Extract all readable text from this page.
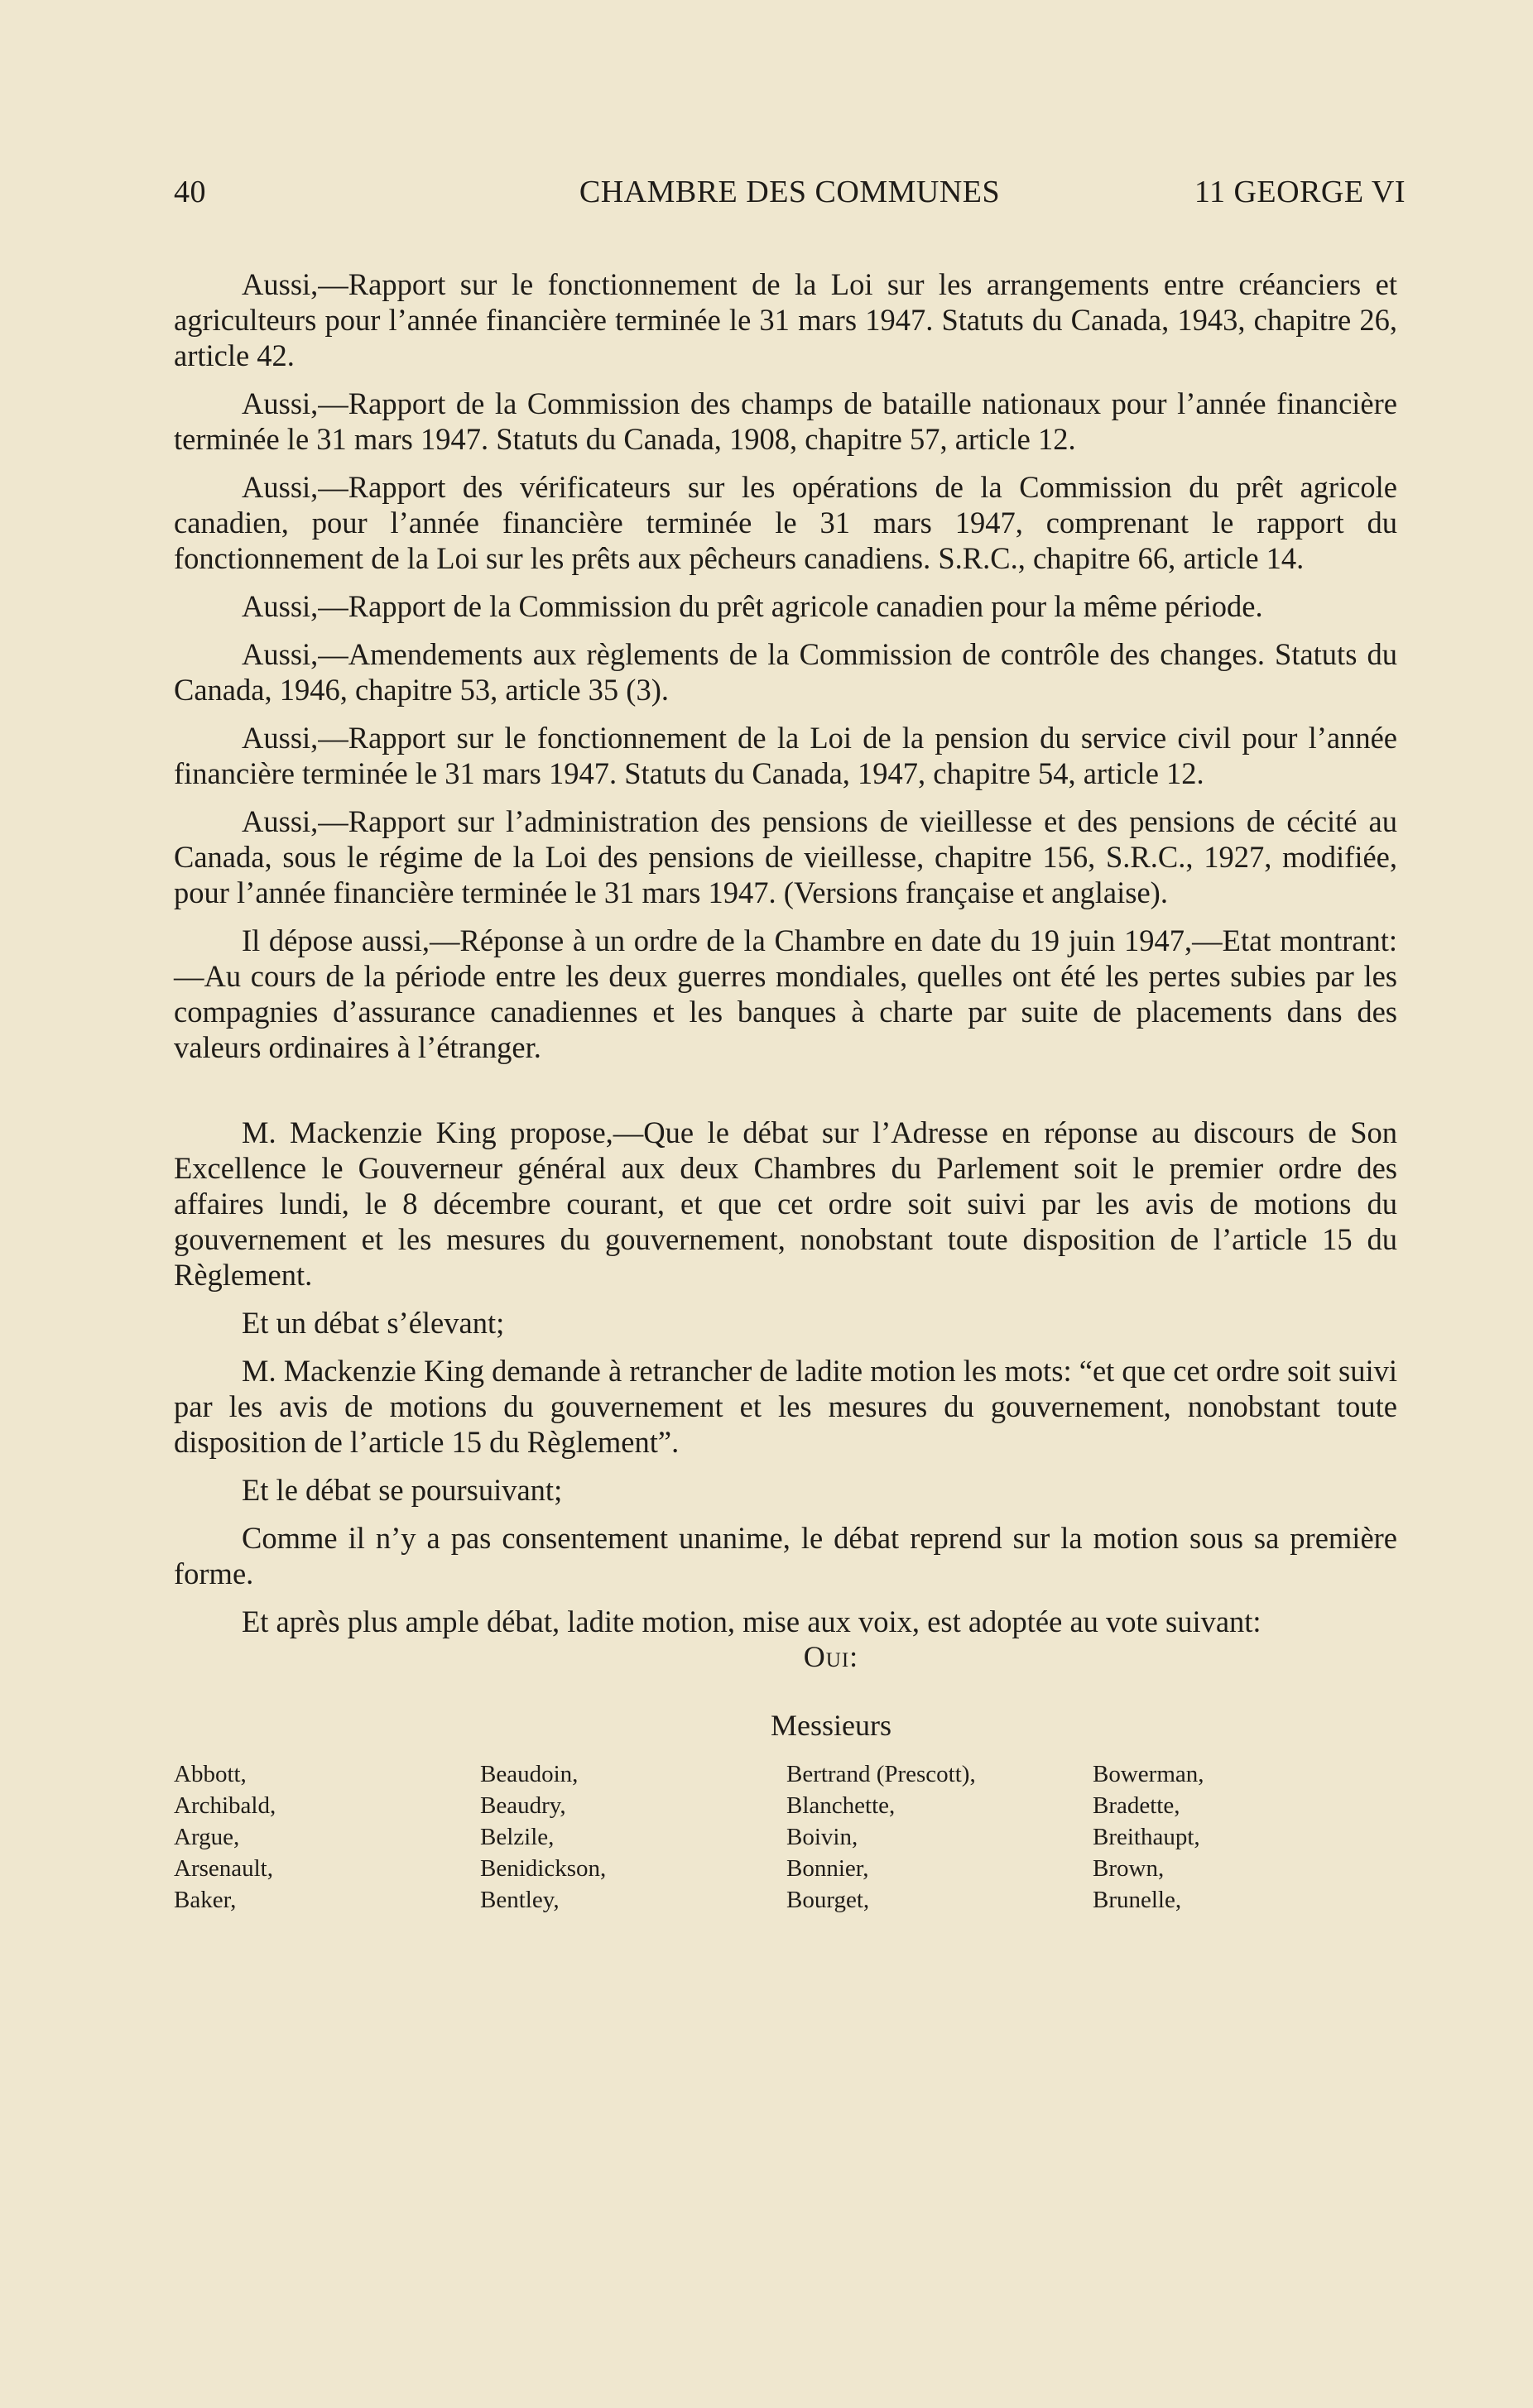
CHAMBRE DES COMMUNES
40	11 GEORGE VI

Aussi,—Rapport sur le fonctionnement de la Loi sur les arrangements entre créanciers et agriculteurs pour l’année financière terminée le 31 mars 1947. Statuts du Canada, 1943, chapitre 26, article 42.

Aussi,—Rapport de la Commission des champs de bataille nationaux pour l’année financière terminée le 31 mars 1947. Statuts du Canada, 1908, chapitre 57, article 12.

Aussi,—Rapport des vérificateurs sur les opérations de la Commission du prêt agricole canadien, pour l’année financière terminée le 31 mars 1947, comprenant le rapport du fonctionnement de la Loi sur les prêts aux pêcheurs canadiens. S.R.C., chapitre 66, article 14.

Aussi,—Rapport de la Commission du prêt agricole canadien pour la même période.

Aussi,—Amendements aux règlements de la Commission de contrôle des changes. Statuts du Canada, 1946, chapitre 53, article 35 (3).

Aussi,—Rapport sur le fonctionnement de la Loi de la pension du service civil pour l’année financière terminée le 31 mars 1947. Statuts du Canada, 1947, chapitre 54, article 12.

Aussi,—Rapport sur l’administration des pensions de vieillesse et des pensions de cécité au Canada, sous le régime de la Loi des pensions de vieillesse, chapitre 156, S.R.C., 1927, modifiée, pour l’année financière terminée le 31 mars 1947. (Versions française et anglaise).

Il dépose aussi,—Réponse à un ordre de la Chambre en date du 19 juin 1947,—Etat montrant:—Au cours de la période entre les deux guerres mondiales, quelles ont été les pertes subies par les compagnies d’assurance canadiennes et les banques à charte par suite de placements dans des valeurs ordinaires à l’étranger.

M. Mackenzie King propose,—Que le débat sur l’Adresse en réponse au discours de Son Excellence le Gouverneur général aux deux Chambres du Parlement soit le premier ordre des affaires lundi, le 8 décembre courant, et que cet ordre soit suivi par les avis de motions du gouvernement et les mesures du gouvernement, nonobstant toute disposition de l’article 15 du Règlement.

Et un débat s’élevant;

M. Mackenzie King demande à retrancher de ladite motion les mots: “et que cet ordre soit suivi par les avis de motions du gouvernement et les mesures du gouvernement, nonobstant toute disposition de l’article 15 du Règlement”.

Et le débat se poursuivant;

Comme il n’y a pas consentement unanime, le débat reprend sur la motion sous sa première forme.

Et après plus ample débat, ladite motion, mise aux voix, est adoptée au vote suivant:

Oui:
Messieurs
Abbott,	Beaudoin,	Bertrand (Prescott),	Bowerman,
Archibald,	Beaudry,	Blanchette,	Bradette,
Argue,	Belzile,	Boivin,	Breithaupt,
Arsenault,	Benidickson,	Bonnier,	Brown,
Baker,	Bentley,	Bourget,	Brunelle,
